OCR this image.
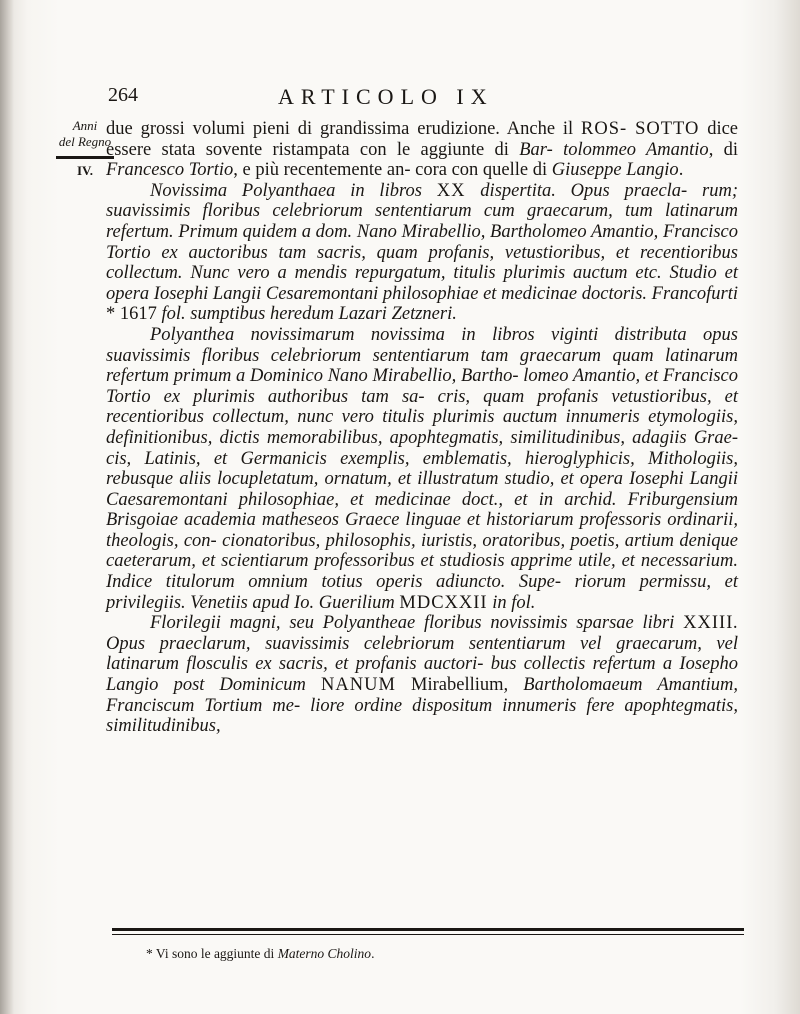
Anni
del Regno
IV.
264	ARTICOLO IX

due grossi volumi pieni di grandissima erudizione. Anche il ROS- SOTTO dice essere stata sovente ristampata con le aggiunte di Bar- tolommeo Amantio, di Francesco Tortio, e più recentemente an- cora con quelle di Giuseppe Langio.

Novissima Polyanthaea in libros XX dispertita. Opus praecla- rum; suavissimis floribus celebriorum sententiarum cum graecarum, tum latinarum refertum. Primum quidem a dom. Nano Mirabellio, Bartholomeo Amantio, Francisco Tortio ex auctoribus tam sacris, quam profanis, vetustioribus, et recentioribus collectum. Nunc vero a mendis repurgatum, titulis plurimis auctum etc. Studio et opera Iosephi Langii Cesaremontani philosophiae et medicinae doctoris. Francofurti * 1617 fol. sumptibus heredum Lazari Zetzneri.

Polyanthea novissimarum novissima in libros viginti distributa opus suavissimis floribus celebriorum sententiarum tam graecarum quam latinarum refertum primum a Dominico Nano Mirabellio, Bartho- lomeo Amantio, et Francisco Tortio ex plurimis authoribus tam sa- cris, quam profanis vetustioribus, et recentioribus collectum, nunc vero titulis plurimis auctum innumeris etymologiis, definitionibus, dictis memorabilibus, apophtegmatis, similitudinibus, adagiis Grae- cis, Latinis, et Germanicis exemplis, emblematis, hieroglyphicis, Mithologiis, rebusque aliis locupletatum, ornatum, et illustratum studio, et opera Iosephi Langii Caesaremontani philosophiae, et medicinae doct., et in archid. Friburgensium Brisgoiae academia matheseos Graece linguae et historiarum professoris ordinarii, theologis, con- cionatoribus, philosophis, iuristis, oratoribus, poetis, artium denique caeterarum, et scientiarum professoribus et studiosis apprime utile, et necessarium. Indice titulorum omnium totius operis adiuncto. Supe- riorum permissu, et privilegiis. Venetiis apud Io. Guerilium MDCXXII in fol.

Florilegii magni, seu Polyantheae floribus novissimis sparsae libri XXIII. Opus praeclarum, suavissimis celebriorum sententiarum vel graecarum, vel latinarum flosculis ex sacris, et profanis auctori- bus collectis refertum a Iosepho Langio post Dominicum NANUM Mirabellium, Bartholomaeum Amantium, Franciscum Tortium me- liore ordine dispositum innumeris fere apophtegmatis, similitudinibus,

* Vi sono le aggiunte di Materno Cholino.
